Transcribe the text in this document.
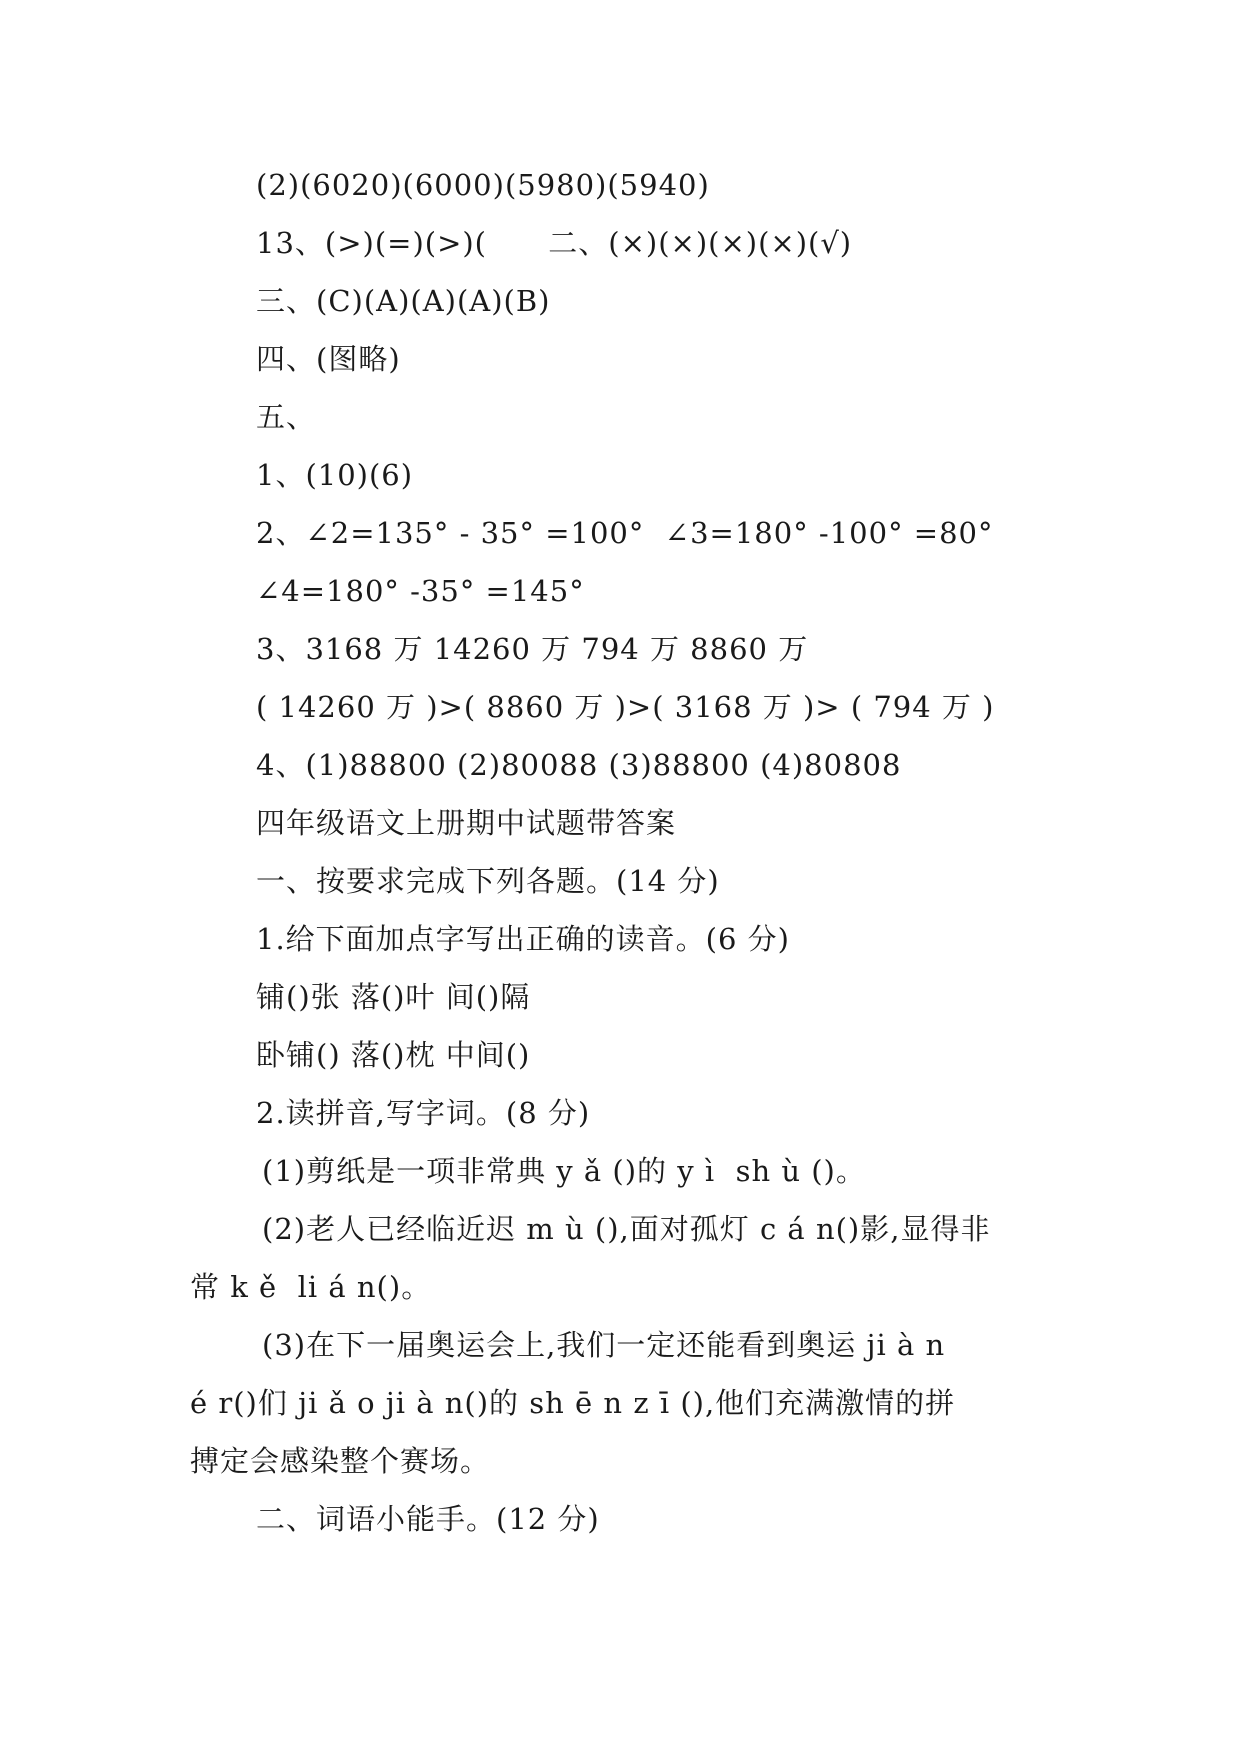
(2)(6020)(6000)(5980)(5940)
13、(>)(=)(>)(      二、(×)(×)(×)(×)(√)
三、(C)(A)(A)(A)(B)
四、(图略)
五、
1、(10)(6)
2、∠2=135° - 35° =100°  ∠3=180° -100° =80°
∠4=180° -35° =145°
3、3168 万 14260 万 794 万 8860 万
( 14260 万 )>( 8860 万 )>( 3168 万 )> ( 794 万 )
4、(1)88800 (2)80088 (3)88800 (4)80808
四年级语文上册期中试题带答案
一、按要求完成下列各题。(14 分)
1.给下面加点字写出正确的读音。(6 分)
铺()张 落()叶 间()隔
卧铺() 落()枕 中间()
2.读拼音,写字词。(8 分)
(1)剪纸是一项非常典 y ǎ ()的 y ì  sh ù ()。
(2)老人已经临近迟 m ù (),面对孤灯 c á n()影,显得非
常 k ě  li á n()。
(3)在下一届奥运会上,我们一定还能看到奥运 ji à n
é r()们 ji ǎ o ji à n()的 sh ē n z ī (),他们充满激情的拼
搏定会感染整个赛场。
二、词语小能手。(12 分)
